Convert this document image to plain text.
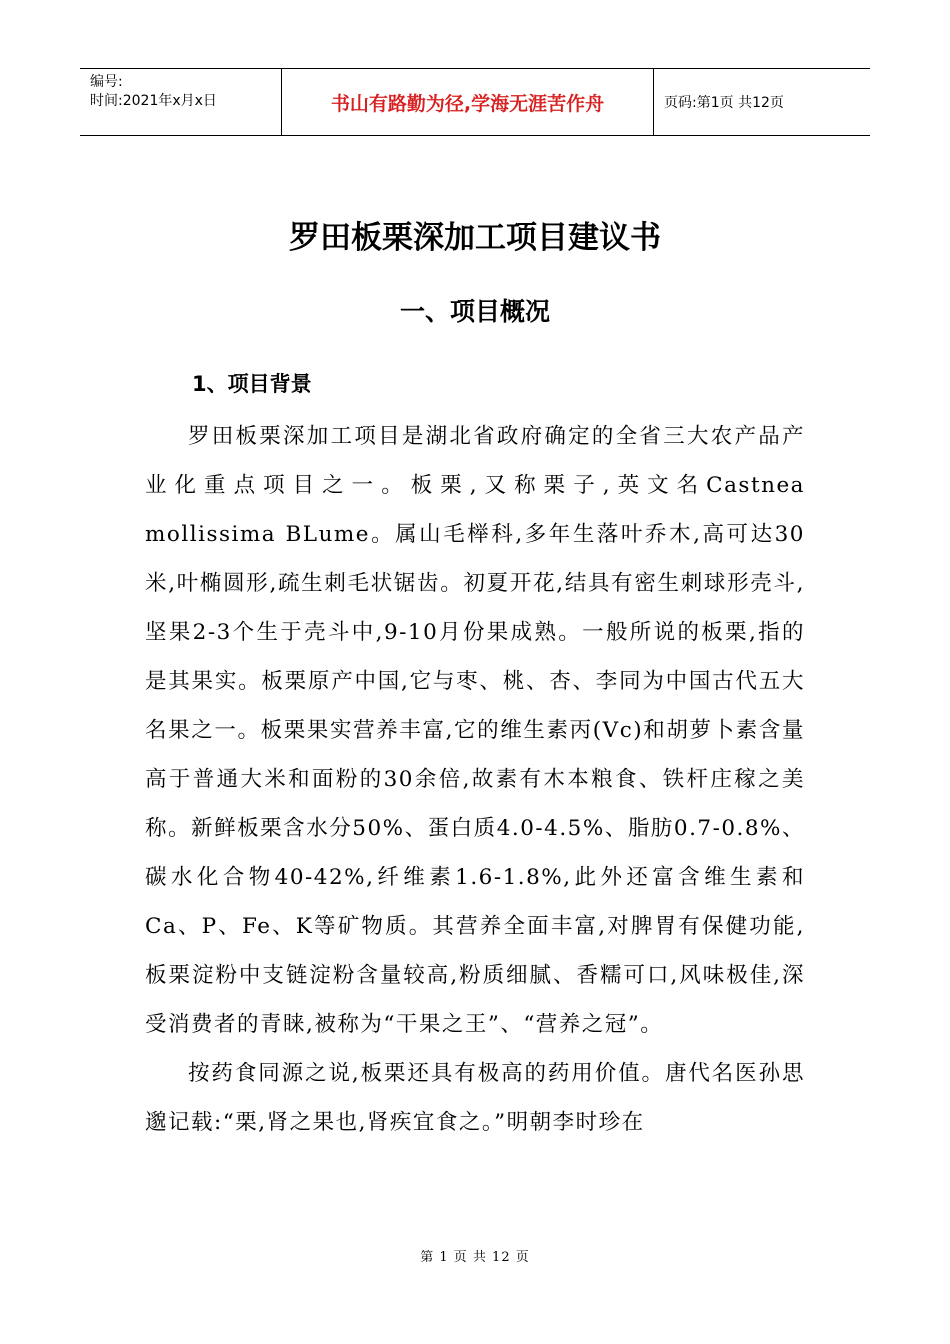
编号:
时间:2021年x月x日	书山有路勤为径,学海无涯苦作舟	页码:第1页 共12页
罗田板栗深加工项目建议书
一、项目概况
1、项目背景

罗田板栗深加工项目是湖北省政府确定的全省三大农产品产业化重点项目之一。板栗,又称栗子,英文名Castnea mollissima BLume。属山毛榉科,多年生落叶乔木,高可达30米,叶椭圆形,疏生刺毛状锯齿。初夏开花,结具有密生刺球形壳斗,坚果2-3个生于壳斗中,9-10月份果成熟。一般所说的板栗,指的是其果实。板栗原产中国,它与枣、桃、杏、李同为中国古代五大名果之一。板栗果实营养丰富,它的维生素丙(Vc)和胡萝卜素含量高于普通大米和面粉的30余倍,故素有木本粮食、铁杆庄稼之美称。新鲜板栗含水分50%、蛋白质4.0-4.5%、脂肪0.7-0.8%、碳水化合物40-42%,纤维素1.6-1.8%,此外还富含维生素和Ca、P、Fe、K等矿物质。其营养全面丰富,对脾胃有保健功能,板栗淀粉中支链淀粉含量较高,粉质细腻、香糯可口,风味极佳,深受消费者的青睐,被称为“干果之王”、“营养之冠”。

按药食同源之说,板栗还具有极高的药用价值。唐代名医孙思邈记载:“栗,肾之果也,肾疾宜食之。”明朝李时珍在

第 1 页 共 12 页
